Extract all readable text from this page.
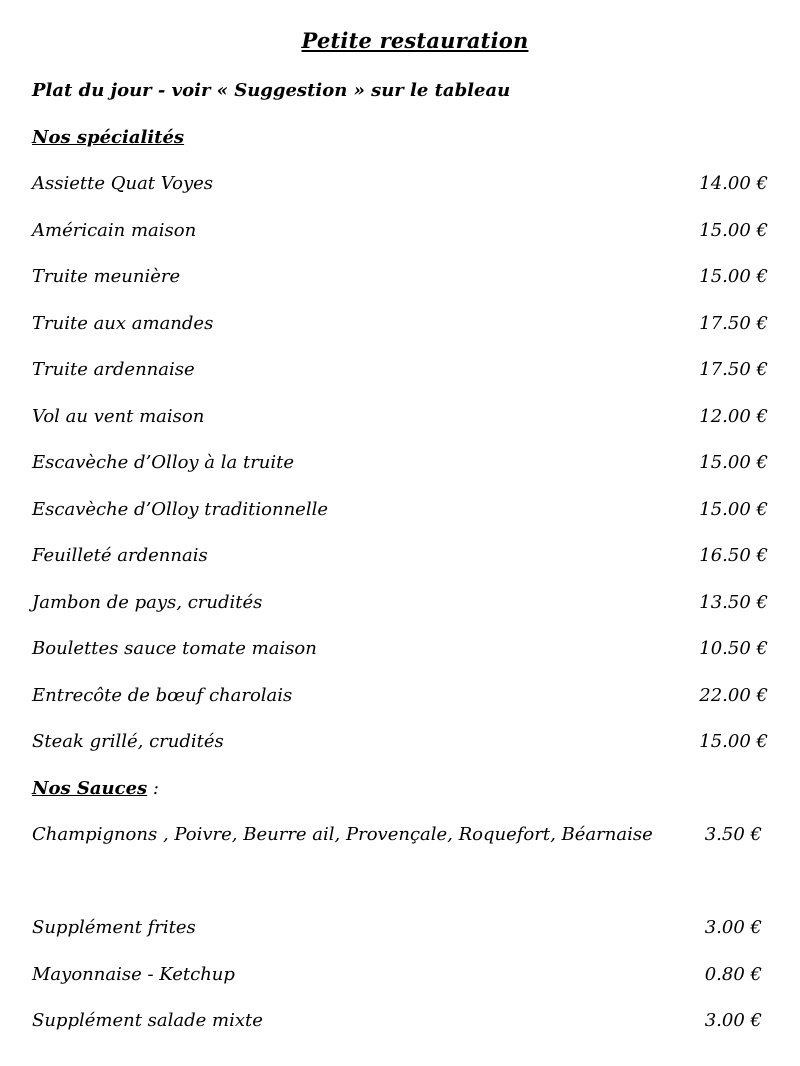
Petite restauration
Plat du jour - voir « Suggestion » sur le tableau
Nos spécialités
Assiette Quat Voyes	14.00 €
Américain maison	15.00 €
Truite meunière	15.00 €
Truite aux amandes	17.50 €
Truite ardennaise	17.50 €
Vol au vent maison	12.00 €
Escavèche d’Olloy à la truite	15.00 €
Escavèche d’Olloy traditionnelle	15.00 €
Feuilleté ardennais	16.50 €
Jambon de pays, crudités	13.50 €
Boulettes sauce tomate maison	10.50 €
Entrecôte de bœuf charolais	22.00 €
Steak grillé, crudités	15.00 €
Nos Sauces :
Champignons , Poivre, Beurre ail, Provençale, Roquefort, Béarnaise	3.50 €
Supplément frites	3.00 €
Mayonnaise - Ketchup	0.80 €
Supplément salade mixte	3.00 €
